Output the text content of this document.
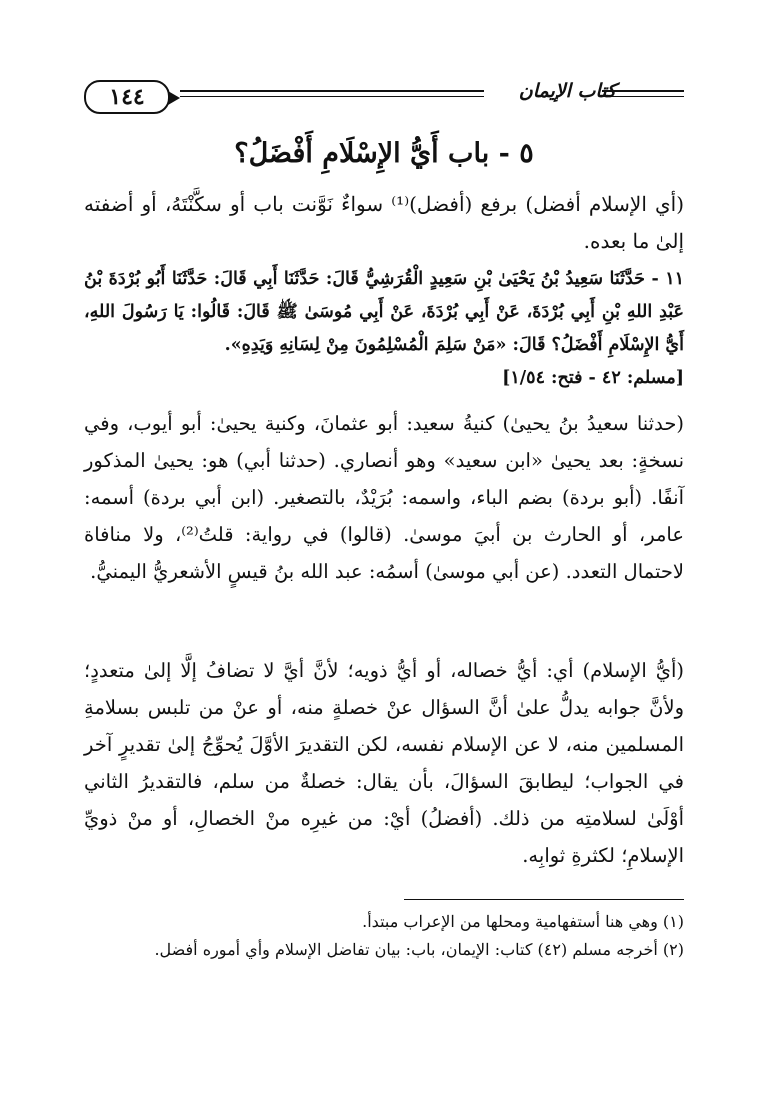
١٤٤	كتاب الإيمان
٥ - باب أَيُّ الإِسْلَامِ أَفْضَلُ؟

(أي الإسلام أفضل) برفع (أفضل)⁽¹⁾ سواءٌ نَوَّنت باب أو سكَّنْتَهُ، أو أضفته إلىٰ ما بعده.

١١ - حَدَّثَنَا سَعِيدُ بْنُ يَحْيَىٰ بْنِ سَعِيدٍ الْقُرَشِيُّ قَالَ: حَدَّثَنَا أَبِي قَالَ: حَدَّثَنَا أَبُو بُرْدَةَ بْنُ عَبْدِ اللهِ بْنِ أَبِي بُرْدَةَ، عَنْ أَبِي بُرْدَةَ، عَنْ أَبِي مُوسَىٰ ﷺ قَالَ: قَالُوا: يَا رَسُولَ اللهِ، أَيُّ الإِسْلَامِ أَفْضَلُ؟ قَالَ: «مَنْ سَلِمَ الْمُسْلِمُونَ مِنْ لِسَانِهِ وَيَدِهِ».

[مسلم: ٤٢ - فتح: ١/٥٤]

(حدثنا سعيدُ بنُ يحيىٰ) كنيةُ سعيد: أبو عثمانَ، وكنية يحيىٰ: أبو أيوب، وفي نسخةٍ: بعد يحيىٰ «ابن سعيد» وهو أنصاري. (حدثنا أبي) هو: يحيىٰ المذكور آنفًا. (أبو بردة) بضم الباء، واسمه: بُرَيْدٌ، بالتصغير. (ابن أبي بردة) أسمه: عامر، أو الحارث بن أبيَ موسىٰ. (قالوا) في رواية: قلتُ⁽²⁾، ولا منافاة لاحتمال التعدد. (عن أبي موسىٰ) أسمُه: عبد الله بنُ قيسٍ الأشعريُّ اليمنيُّ.

(أيُّ الإسلام) أي: أيُّ خصاله، أو أيُّ ذويه؛ لأنَّ أيَّ لا تضافُ إلَّا إلىٰ متعددٍ؛ ولأنَّ جوابه يدلُّ علىٰ أنَّ السؤال عنْ خصلةٍ منه، أو عنْ من تلبس بسلامةِ المسلمين منه، لا عن الإسلام نفسه، لكن التقديرَ الأوَّلَ يُحوِّجُ إلىٰ تقديرٍ آخر في الجواب؛ ليطابقَ السؤالَ، بأن يقال: خصلةٌ من سلم، فالتقديرُ الثاني أوْلَىٰ لسلامتِه من ذلك. (أفضلُ) أيْ: من غيرِه منْ الخصالِ، أو منْ ذويِّ الإسلامِ؛ لكثرةِ ثوابِه.

(١) وهي هنا أستفهامية ومحلها من الإعراب مبتدأ.

(٢) أخرجه مسلم (٤٢) كتاب: الإيمان، باب: بيان تفاضل الإسلام وأي أموره أفضل.
